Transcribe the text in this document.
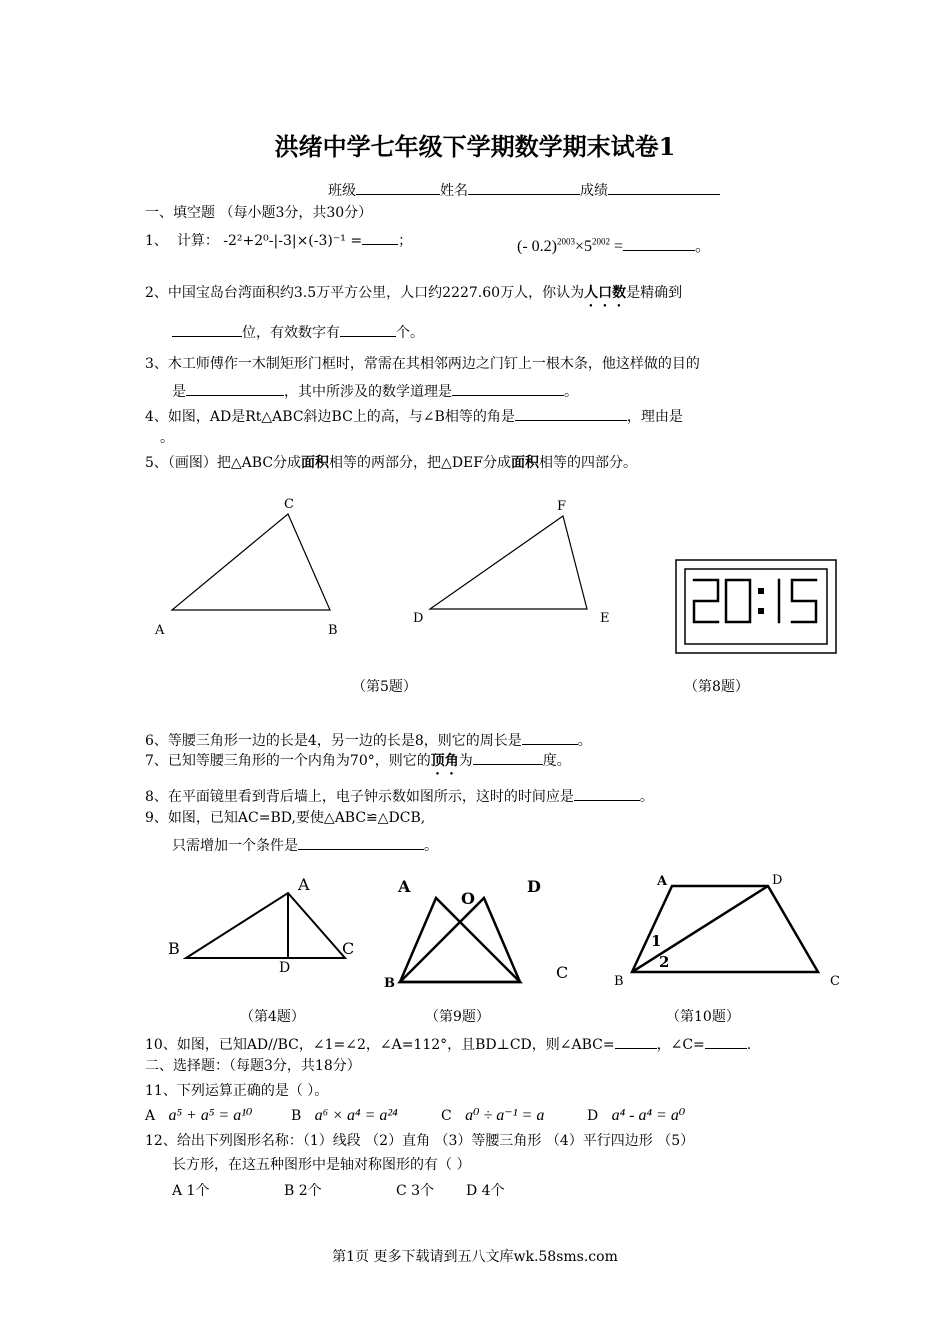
洪绪中学七年级下学期数学期末试卷1
班级	姓名	成绩
一、填空题 （每小题3分，共30分）
1、 计算： -2²+2⁰-|-3|×(-3)⁻¹ =	；	(- $0.2)^{2003}\times 5^{2002}$ =	。
2、中国宝岛台湾面积约3.5万平方公里，人口约2227.60万人，你认为人口数是精确到
位，有效数字有	个。
3、木工师傅作一木制矩形门框时，常需在其相邻两边之门钉上一根木条，他这样做的目的
是	，其中所涉及的数学道理是	。
4、如图，AD是Rt△ABC斜边BC上的高，与∠B相等的角是	，理由是
。
5、（画图）把△ABC分成面积相等的两部分，把△DEF分成面积相等的四部分。
A	B
C
D	E
F
A
B	C
D
A
O
D
B
C
A	D
B	C
1
2
（第5题）	（第8题）
6、等腰三角形一边的长是4，另一边的长是8，则它的周长是	。
7、已知等腰三角形的一个内角为70°，则它的顶角为	度。
8、在平面镜里看到背后墙上，电子钟示数如图所示，这时的时间应是	。
9、如图，已知AC=BD,要使△ABC≌△DCB,
只需增加一个条件是	。
（第4题）	（第9题）	（第10题）
10、如图，已知AD//BC，∠1=∠2，∠A=112°，且BD⊥CD，则∠ABC=	，∠C=	.
二、选择题：（每题3分，共18分）
11、下列运算正确的是（ ）。
A a⁵ + a⁵ = a¹⁰	B a⁶ × a⁴ = a²⁴	C a⁰ ÷ a⁻¹ = a	D a⁴ - a⁴ = a⁰
12、给出下列图形名称：（1）线段 （2）直角 （3）等腰三角形 （4）平行四边形 （5）
长方形，在这五种图形中是轴对称图形的有（ ）
A 1个	B 2个	C 3个 D 4个
第1页 更多下载请到五八文库wk.58sms.com
